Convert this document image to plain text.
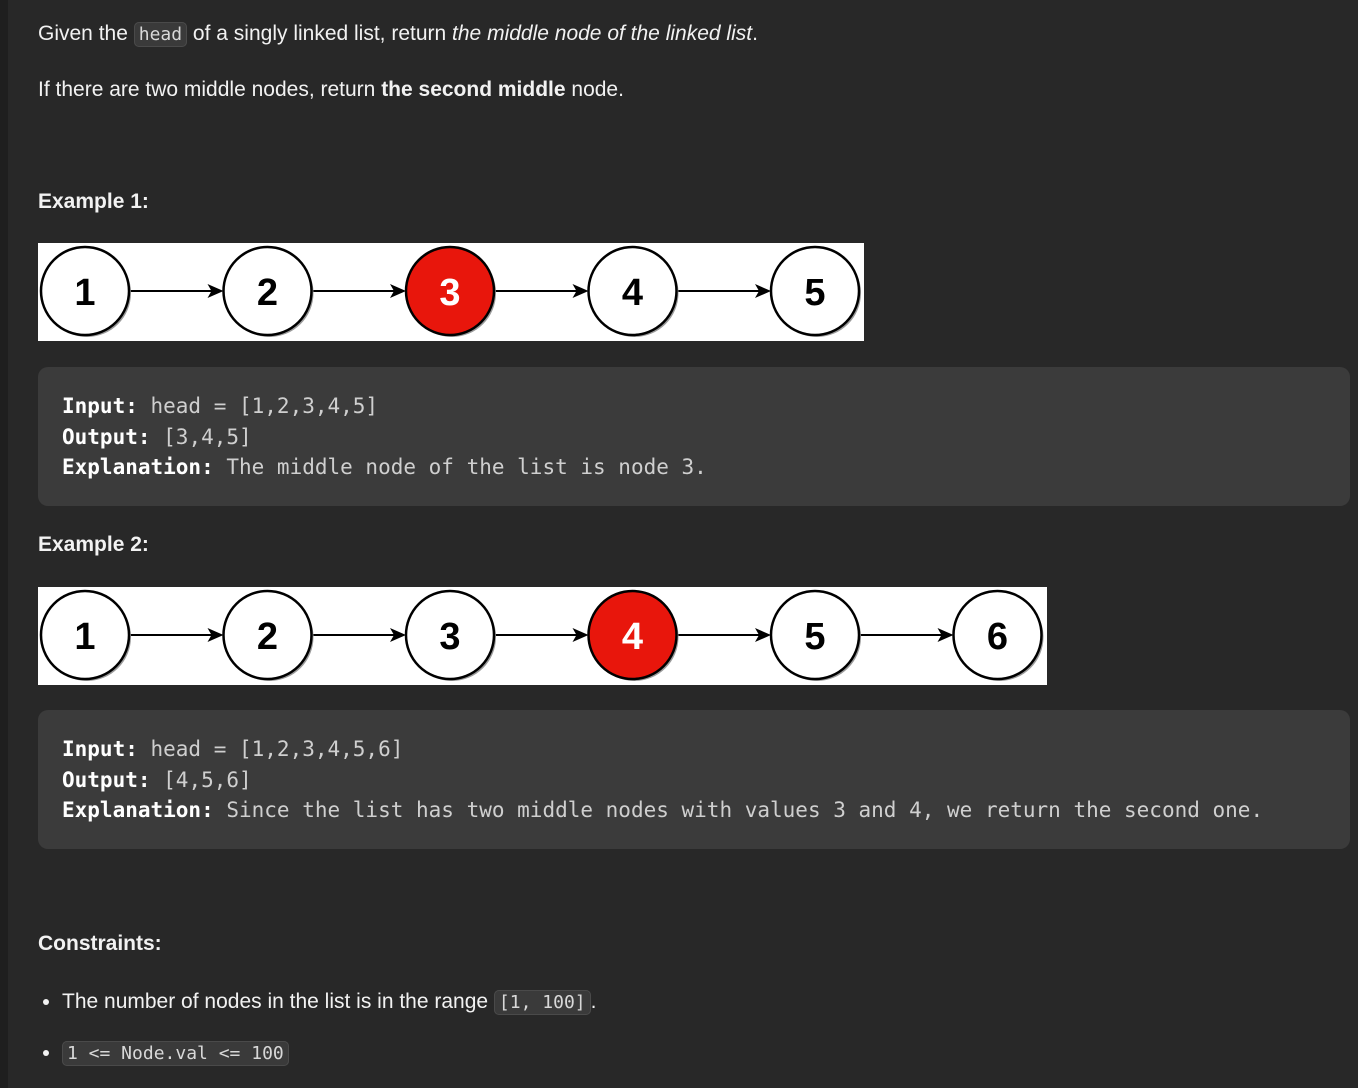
Given the head of a singly linked list, return the middle node of the linked list.
If there are two middle nodes, return the second middle node.
Example 1:
1	2	3	4	5
Input: head = [1,2,3,4,5]
Output: [3,4,5]
Explanation: The middle node of the list is node 3.
Example 2:
1	2	3	4	5	6
Input: head = [1,2,3,4,5,6]
Output: [4,5,6]
Explanation: Since the list has two middle nodes with values 3 and 4, we return the second one.
Constraints:
• The number of nodes in the list is in the range [1, 100] .
• 1 <= Node.val <= 100
